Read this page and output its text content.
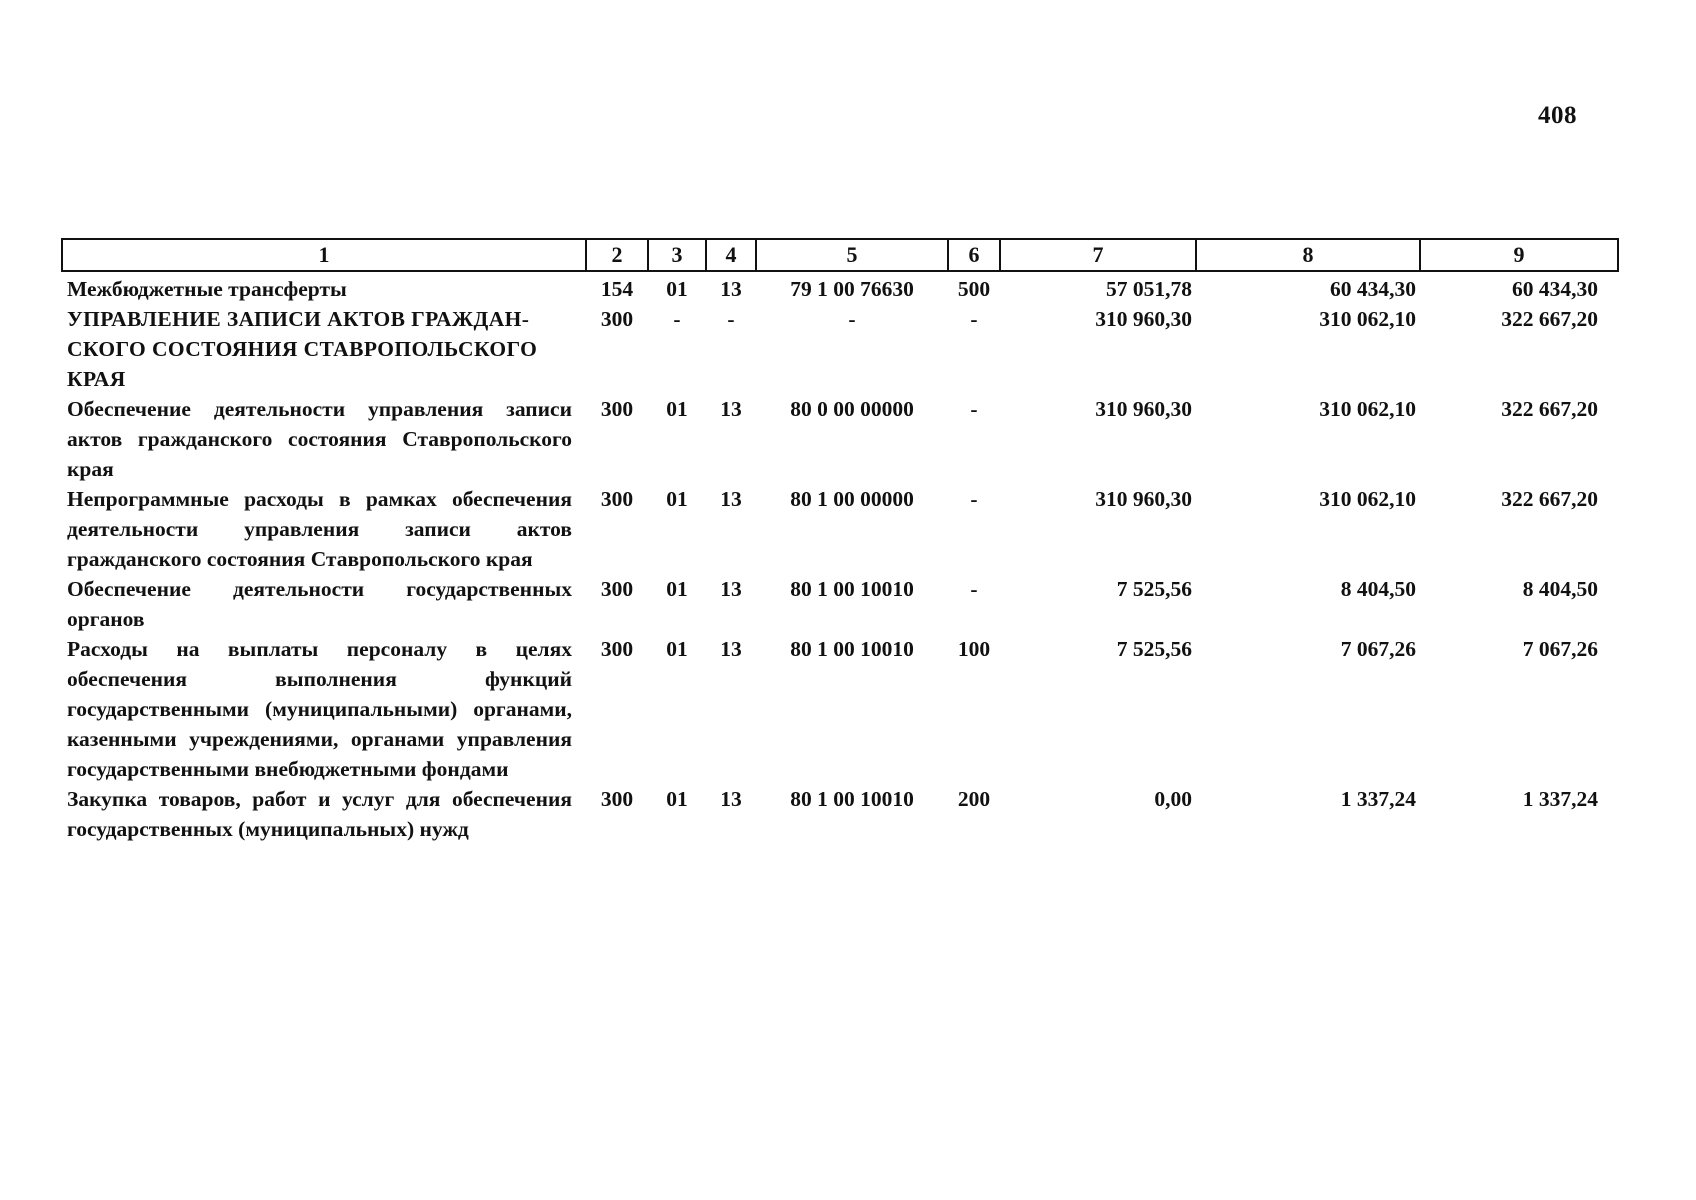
408
1	2	3	4	5	6	7	8	9

Межбюджетные трансферты	154	01	13	79 1 00 76630	500	57 051,78	60 434,30	60 434,30
УПРАВЛЕНИЕ ЗАПИСИ АКТОВ ГРАЖДАН-СКОГО СОСТОЯНИЯ СТАВРОПОЛЬСКОГО КРАЯ	300	-	-	-	-	310 960,30	310 062,10	322 667,20
Обеспечение деятельности управления записи актов гражданского состояния Ставропольского края	300	01	13	80 0 00 00000	-	310 960,30	310 062,10	322 667,20
Непрограммные расходы в рамках обеспечения деятельности управления записи актов гражданского состояния Ставропольского края	300	01	13	80 1 00 00000	-	310 960,30	310 062,10	322 667,20
Обеспечение деятельности государственных органов	300	01	13	80 1 00 10010	-	7 525,56	8 404,50	8 404,50
Расходы на выплаты персоналу в целях обеспечения выполнения функций государственными (муниципальными) органами, казенными учреждениями, органами управления государственными внебюджетными фондами	300	01	13	80 1 00 10010	100	7 525,56	7 067,26	7 067,26
Закупка товаров, работ и услуг для обеспечения государственных (муниципальных) нужд	300	01	13	80 1 00 10010	200	0,00	1 337,24	1 337,24
